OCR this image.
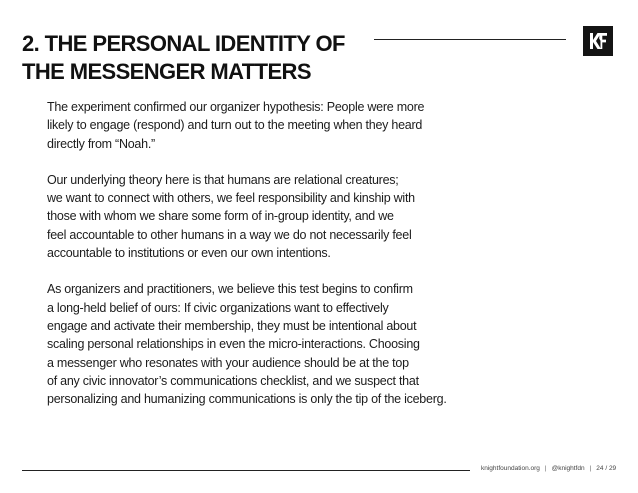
2. THE PERSONAL IDENTITY OF
THE MESSENGER MATTERS

The experiment confirmed our organizer hypothesis: People were more
likely to engage (respond) and turn out to the meeting when they heard
directly from “Noah.”

Our underlying theory here is that humans are relational creatures;
we want to connect with others, we feel responsibility and kinship with
those with whom we share some form of in-group identity, and we
feel accountable to other humans in a way we do not necessarily feel
accountable to institutions or even our own intentions.

As organizers and practitioners, we believe this test begins to confirm
a long-held belief of ours: If civic organizations want to effectively
engage and activate their membership, they must be intentional about
scaling personal relationships in even the micro-interactions. Choosing
a messenger who resonates with your audience should be at the top
of any civic innovator’s communications checklist, and we suspect that
personalizing and humanizing communications is only the tip of the iceberg.

knightfoundation.org | @knightfdn | 24 / 29
